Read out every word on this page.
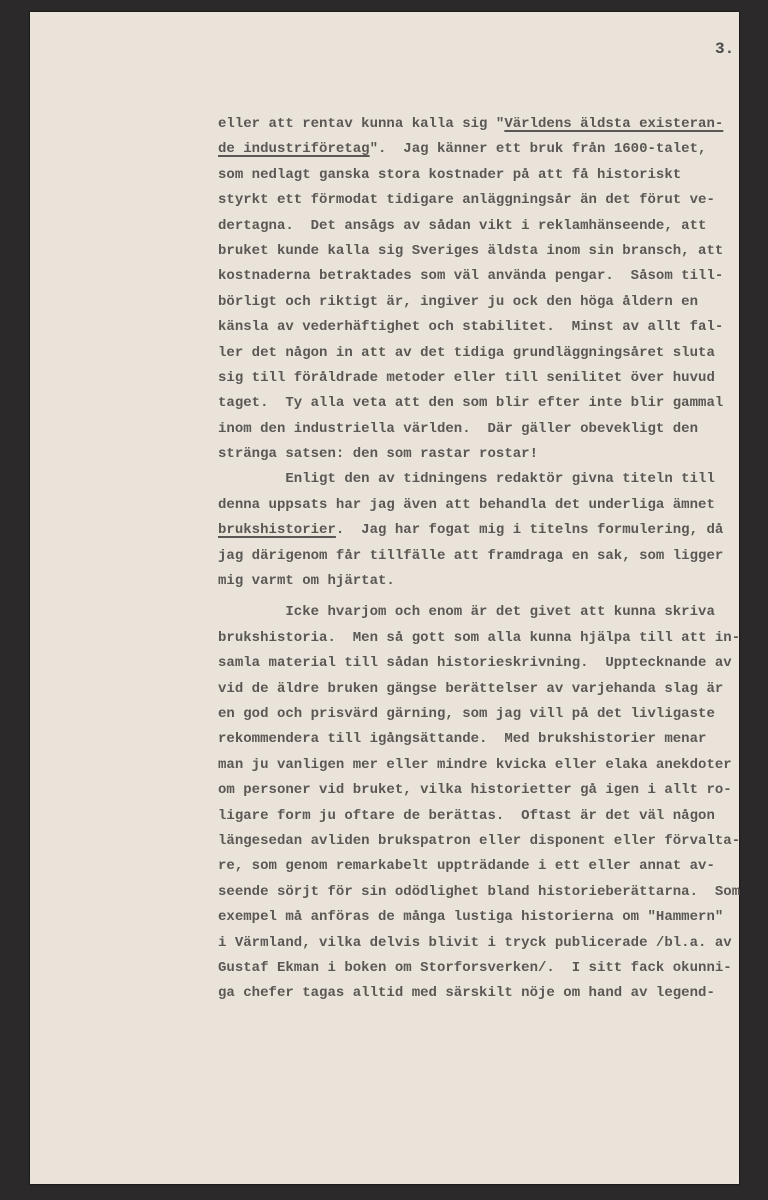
3.
eller att rentav kunna kalla sig "Världens äldsta existeran-
de industriföretag".  Jag känner ett bruk från 1600-talet,
som nedlagt ganska stora kostnader på att få historiskt
styrkt ett förmodat tidigare anläggningsår än det förut ve-
dertagna.  Det ansågs av sådan vikt i reklamhänseende, att
bruket kunde kalla sig Sveriges äldsta inom sin bransch, att
kostnaderna betraktades som väl använda pengar.  Såsom till-
börligt och riktigt är, ingiver ju ock den höga åldern en
känsla av vederhäftighet och stabilitet.  Minst av allt fal-
ler det någon in att av det tidiga grundläggningsåret sluta
sig till föråldrade metoder eller till senilitet över huvud
taget.  Ty alla veta att den som blir efter inte blir gammal
inom den industriella världen.  Där gäller obevekligt den
stränga satsen: den som rastar rostar!
Enligt den av tidningens redaktör givna titeln till
denna uppsats har jag även att behandla det underliga ämnet
brukshistorier.  Jag har fogat mig i titelns formulering, då
jag därigenom får tillfälle att framdraga en sak, som ligger
mig varmt om hjärtat.
Icke hvarjom och enom är det givet att kunna skriva
brukshistoria.  Men så gott som alla kunna hjälpa till att in-
samla material till sådan historieskrivning.  Upptecknande av
vid de äldre bruken gängse berättelser av varjehanda slag är
en god och prisvärd gärning, som jag vill på det livligaste
rekommendera till igångsättande.  Med brukshistorier menar
man ju vanligen mer eller mindre kvicka eller elaka anekdoter
om personer vid bruket, vilka historietter gå igen i allt ro-
ligare form ju oftare de berättas.  Oftast är det väl någon
längesedan avliden brukspatron eller disponent eller förvalta-
re, som genom remarkabelt uppträdande i ett eller annat av-
seende sörjt för sin odödlighet bland historieberättarna.  Som
exempel må anföras de många lustiga historierna om "Hammern"
i Värmland, vilka delvis blivit i tryck publicerade /bl.a. av
Gustaf Ekman i boken om Storforsverken/.  I sitt fack okunni-
ga chefer tagas alltid med särskilt nöje om hand av legend-
